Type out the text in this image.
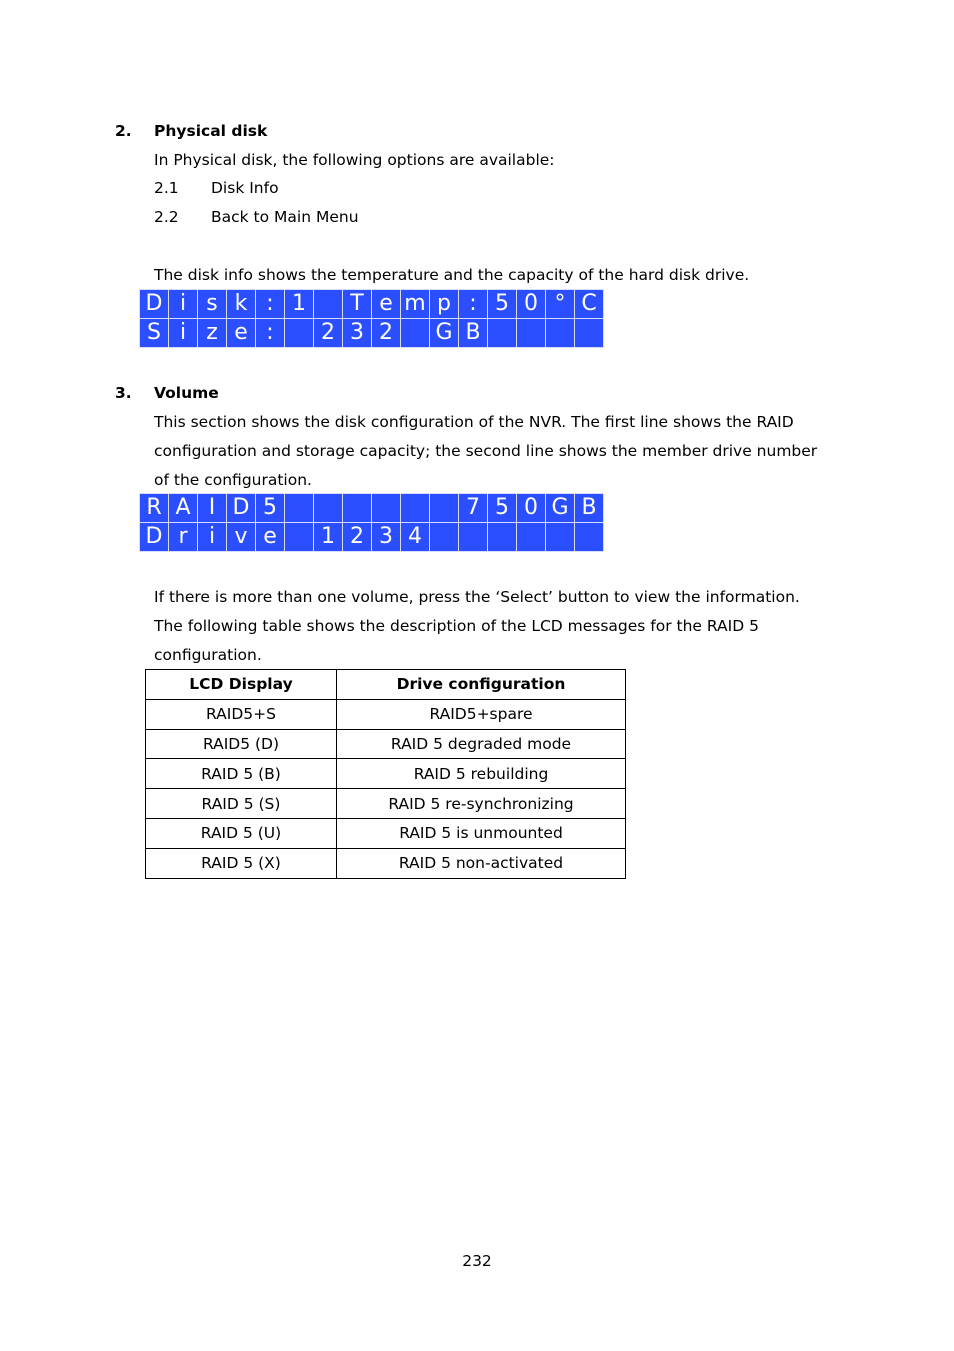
2. Physical disk
In Physical disk, the following options are available:
2.1 Disk Info
2.2 Back to Main Menu
The disk info shows the temperature and the capacity of the hard disk drive.
D	i	s	k	:	1		T	e	m	p	:	5	0	°	C
S	i	z	e	:		2	3	2		G	B				
3. Volume
This section shows the disk configuration of the NVR. The first line shows the RAID
configuration and storage capacity; the second line shows the member drive number
of the configuration.
R	A	I	D	5							7	5	0	G	B
D	r	i	v	e		1	2	3	4						
If there is more than one volume, press the ‘Select’ button to view the information.
The following table shows the description of the LCD messages for the RAID 5
configuration.
LCD Display	Drive configuration
RAID5+S	RAID5+spare
RAID5 (D)	RAID 5 degraded mode
RAID 5 (B)	RAID 5 rebuilding
RAID 5 (S)	RAID 5 re-synchronizing
RAID 5 (U)	RAID 5 is unmounted
RAID 5 (X)	RAID 5 non-activated
232
